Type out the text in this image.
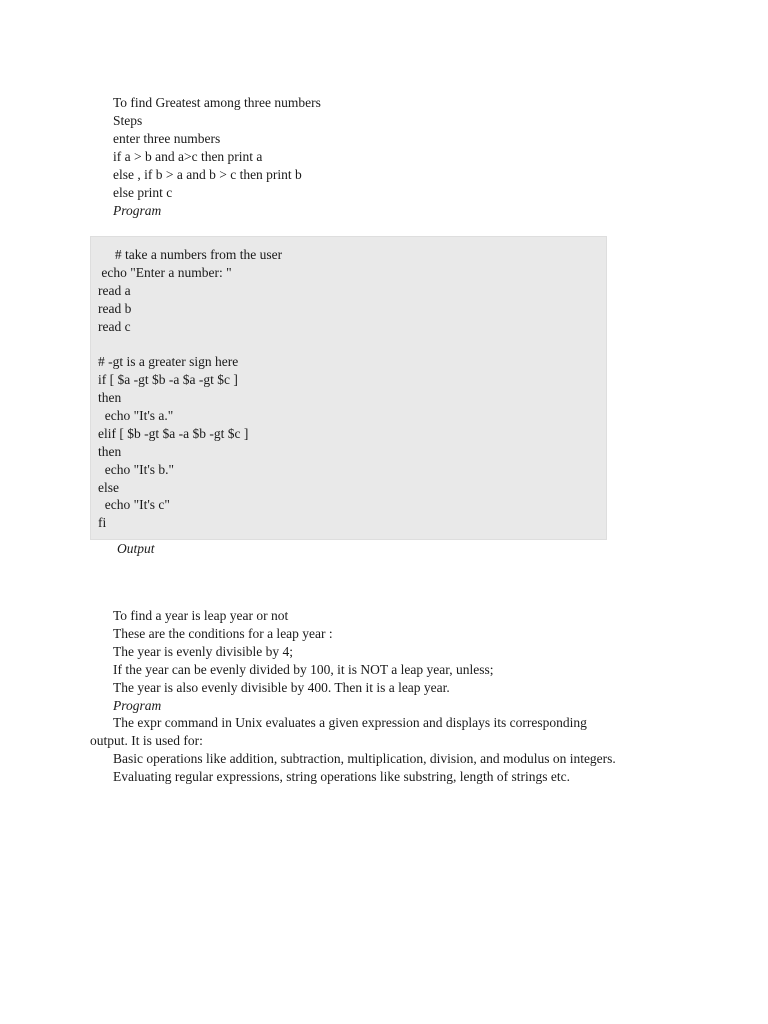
To find Greatest among three numbers
Steps
enter three numbers
if a > b and a>c then print a
else , if b > a and b > c then print b
else print c
Program
# take a numbers from the user
echo "Enter a number: "
read a
read b
read c
# -gt is a greater sign here
if [ $a -gt $b -a $a -gt $c ]
then
echo "It's a."
elif [ $b -gt $a -a $b -gt $c ]
then
echo "It's b."
else
echo "It's c"
fi
Output
To find a year is leap year or not
These are the conditions for a leap year :
The year is evenly divisible by 4;
If the year can be evenly divided by 100, it is NOT a leap year, unless;
The year is also evenly divisible by 400. Then it is a leap year.
Program
The expr command in Unix evaluates a given expression and displays its corresponding
output. It is used for:
Basic operations like addition, subtraction, multiplication, division, and modulus on integers.
Evaluating regular expressions, string operations like substring, length of strings etc.
